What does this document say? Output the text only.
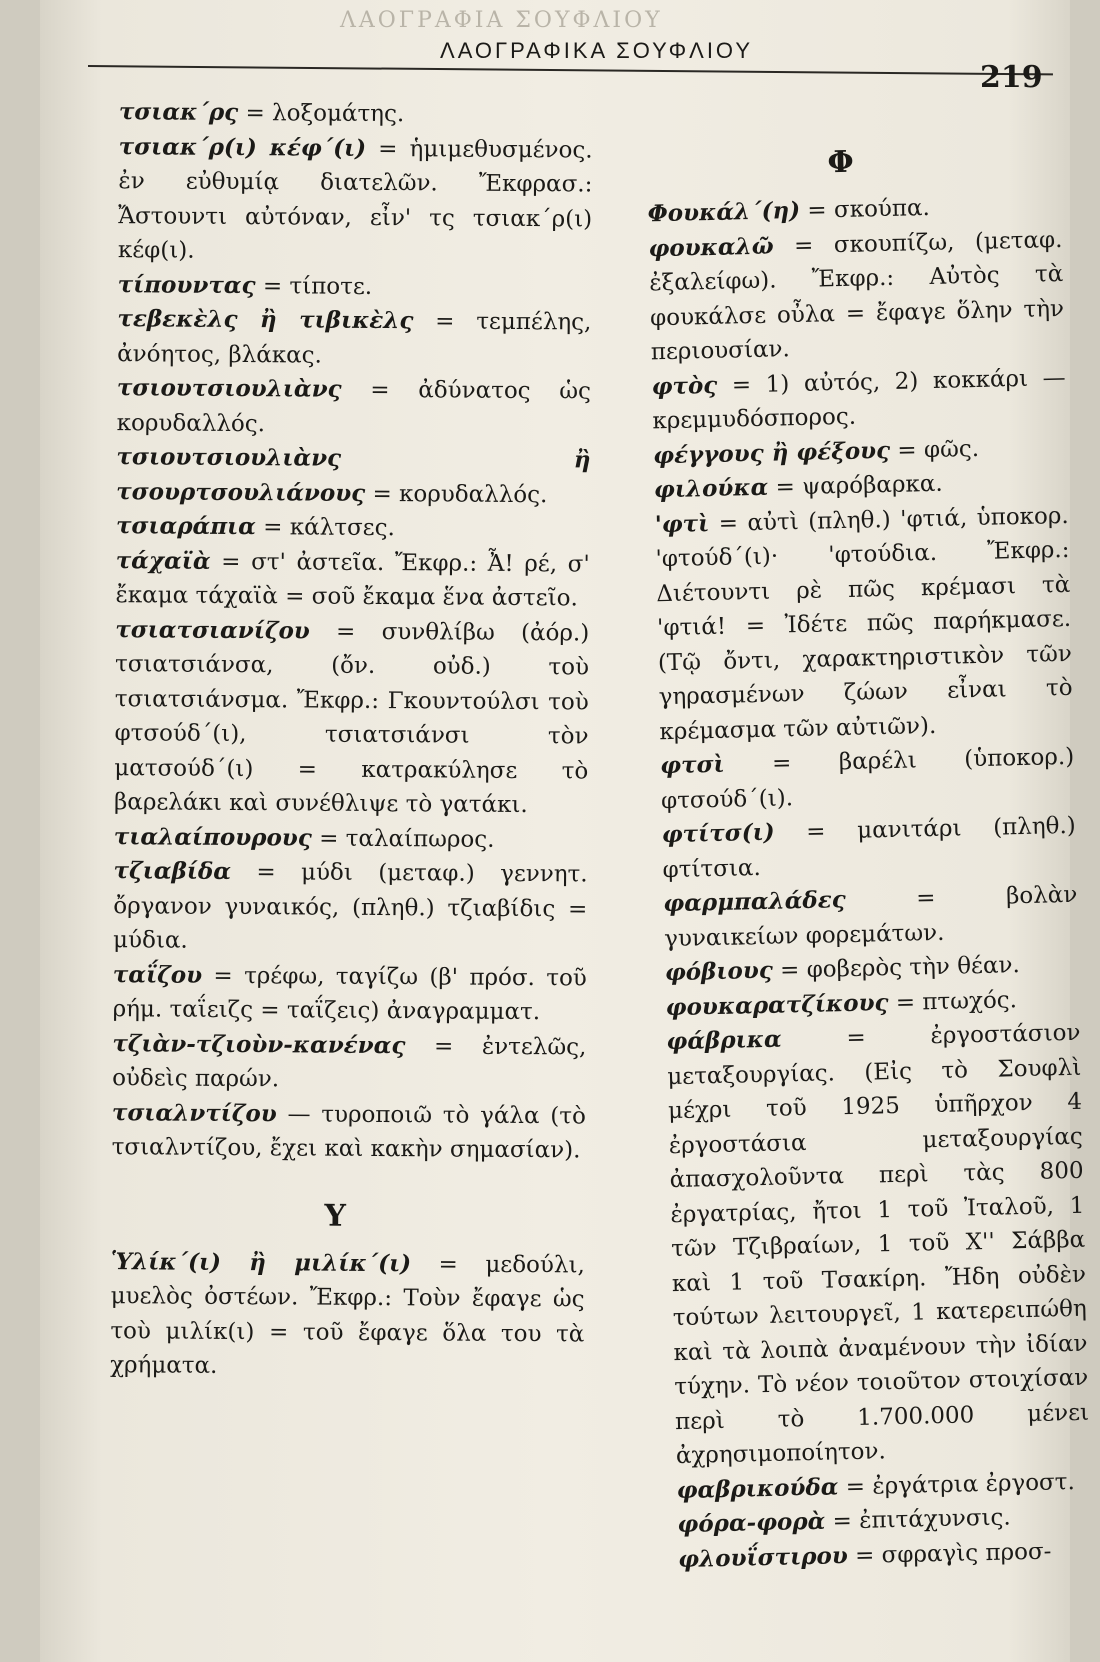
ΛΑΟΓΡΑΦΙΑ ΣΟΥΦΛΙΟΥ
ΛΑΟΓΡΑΦΙΚΑ ΣΟΥΦΛΙΟΥ
219

τσιακ΄ρς = λοξομάτης.

τσιακ΄ρ(ι) κέφ΄(ι) = ἡμιμεθυσμένος. ἐν εὐθυμίᾳ διατελῶν. Ἔκφρασ.: Ἄστουντι αὐτόναν, εἶν' τς τσιακ΄ρ(ι) κέφ(ι).

τίπουντας = τίποτε.

τεβεκὲλς ἢ τιβικὲλς = τεμπέλης, ἀνόητος, βλάκας.

τσιουτσιουλιὰνς = ἀδύνατος ὡς κορυδαλλός.

τσιουτσιουλιὰνς ἢ τσουρτσουλιάνους = κορυδαλλός.

τσιαράπια = κάλτσες.

τάχαϊὰ = στ' ἀστεῖα. Ἔκφρ.: Ἆ! ρέ, σ' ἔκαμα τάχαϊὰ = σοῦ ἔκαμα ἕνα ἀστεῖο.

τσιατσιανίζου = συνθλίβω (ἀόρ.) τσιατσιάνσα, (ὄν. οὐδ.) τοὺ τσιατσιάνσμα. Ἔκφρ.: Γκουντούλσι τοὺ φτσούδ΄(ι), τσιατσιάνσι τὸν ματσούδ΄(ι) = κατρακύλησε τὸ βαρελάκι καὶ συνέθλιψε τὸ γατάκι.

τιαλαίπουρους = ταλαίπωρος.

τζιαβίδα = μύδι (μεταφ.) γεννητ. ὄργανον γυναικός, (πληθ.) τζιαβίδις = μύδια.

ταΐζου = τρέφω, ταγίζω (β' πρόσ. τοῦ ρήμ. ταΐειζς = ταΐζεις) ἀναγραμματ.

τζιὰν-τζιοὺν-κανένας = ἐντελῶς, οὐδεὶς παρών.

τσιαλντίζου — τυροποιῶ τὸ γάλα (τὸ τσιαλντίζου, ἔχει καὶ κακὴν σημασίαν).

Υ

Ὑλίκ΄(ι) ἢ μιλίκ΄(ι) = μεδούλι, μυελὸς ὀστέων. Ἔκφρ.: Τοὺν ἔφαγε ὡς τοὺ μιλίκ(ι) = τοῦ ἔφαγε ὅλα του τὰ χρήματα.

Φ

Φουκάλ΄(η) = σκούπα.

φουκαλῶ = σκουπίζω, (μεταφ. ἐξαλείφω). Ἔκφρ.: Αὐτὸς τὰ φουκάλσε οὖλα = ἔφαγε ὅλην τὴν περιουσίαν.

φτὸς = 1) αὐτός, 2) κοκκάρι — κρεμμυδόσπορος.

φέγγους ἢ φέξους = φῶς.

φιλούκα = ψαρόβαρκα.

'φτὶ = αὐτὶ (πληθ.) 'φτιά, ὑποκορ. 'φτούδ΄(ι)· 'φτούδια. Ἔκφρ.: Διέτουντι ρὲ πῶς κρέμασι τὰ 'φτιά! = Ἰδέτε πῶς παρήκμασε. (Τῷ ὄντι, χαρακτηριστικὸν τῶν γηρασμένων ζώων εἶναι τὸ κρέμασμα τῶν αὐτιῶν).

φτσὶ = βαρέλι (ὑποκορ.) φτσούδ΄(ι).

φτίτσ(ι) = μανιτάρι (πληθ.) φτίτσια.

φαρμπαλάδες = βολὰν γυναικείων φορεμάτων.

φόβιους = φοβερὸς τὴν θέαν.

φουκαρατζίκους = πτωχός.

φάβρικα = ἐργοστάσιον μεταξουργίας. (Εἰς τὸ Σουφλὶ μέχρι τοῦ 1925 ὑπῆρχον 4 ἐργοστάσια μεταξουργίας ἀπασχολοῦντα περὶ τὰς 800 ἐργατρίας, ἤτοι 1 τοῦ Ἰταλοῦ, 1 τῶν Τζιβραίων, 1 τοῦ Χ'' Σάββα καὶ 1 τοῦ Τσακίρη. Ἤδη οὐδὲν τούτων λειτουργεῖ, 1 κατερειπώθη καὶ τὰ λοιπὰ ἀναμένουν τὴν ἰδίαν τύχην. Τὸ νέον τοιοῦτον στοιχίσαν περὶ τὸ 1.700.000 μένει ἀχρησιμοποίητον.

φαβρικούδα = ἐργάτρια ἐργοστ.

φόρα-φορὰ = ἐπιτάχυνσις.

φλουΐστιρου = σφραγὶς προσ-
